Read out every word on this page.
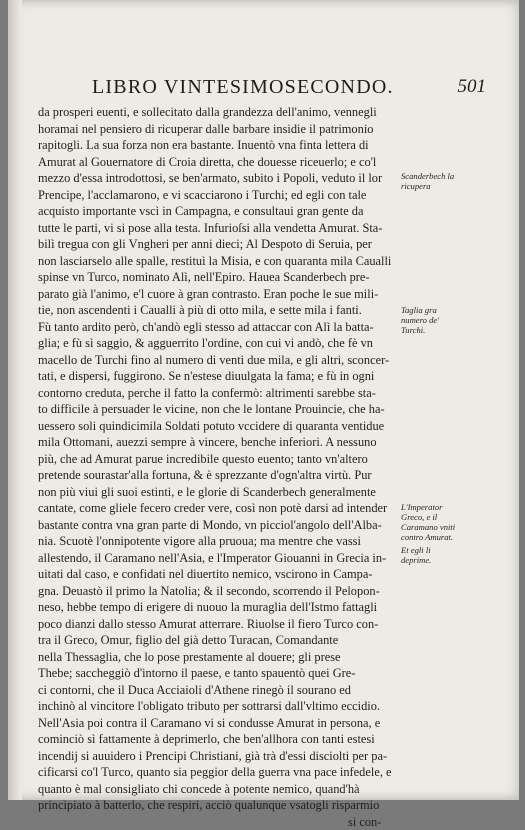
LIBRO VINTESIMOSECONDO.	501
da prosperi euenti, e sollecitato dalla grandezza dell'animo, vennegli
horamai nel pensiero di ricuperar dalle barbare insidie il patrimonio
rapitogli. La sua forza non era bastante. Inuentò vna finta lettera di
Amurat al Gouernatore di Croia diretta, che douesse riceuerlo; e co'l
mezzo d'essa introdottosi, se ben'armato, subito i Popoli, veduto il lor
Prencipe, l'acclamarono, e vi scacciarono i Turchi; ed egli con tale
acquisto importante vscì in Campagna, e consultaui gran gente da
tutte le parti, vi si pose alla testa. Infurioſsi alla vendetta Amurat. Sta-
bilì tregua con gli Vngheri per anni dieci; Al Despoto di Seruia, per
non lasciarselo alle spalle, restituì la Misia, e con quaranta mila Caualli
spinse vn Turco, nominato Alì, nell'Epiro. Hauea Scanderbech pre-
parato già l'animo, e'l cuore à gran contrasto. Eran poche le sue mili-
tie, non ascendenti i Caualli à più di otto mila, e sette mila i fanti.
Fù tanto ardito però, ch'andò egli stesso ad attaccar con Alì la batta-
glia; e fù sì saggio, & agguerrito l'ordine, con cui vi andò, che fè vn
macello de Turchi fino al numero di venti due mila, e gli altri, sconcer-
tati, e dispersi, fuggirono. Se n'estese diuulgata la fama; e fù in ogni
contorno creduta, perche il fatto la confermò: altrimenti sarebbe sta-
to difficile à persuader le vicine, non che le lontane Prouincie, che ha-
uessero soli quindicimila Soldati potuto vccidere di quaranta ventidue
mila Ottomani, auezzi sempre à vincere, benche inferiori. A nessuno
più, che ad Amurat parue incredibile questo euento; tanto vn'altero
pretende sourastar'alla fortuna, & è sprezzante d'ogn'altra virtù. Pur
non più viui gli suoi estinti, e le glorie di Scanderbech generalmente
cantate, come gliele fecero creder vere, così non potè darsi ad intender
bastante contra vna gran parte di Mondo, vn picciol'angolo dell'Alba-
nia. Scuotè l'onnipotente vigore alla pruoua; ma mentre che vassi
allestendo, il Caramano nell'Asia, e l'Imperator Giouanni in Grecia in-
uitati dal caso, e confidati nel diuertito nemico, vscirono in Campa-
gna. Deuastò il primo la Natolia; & il secondo, scorrendo il Pelopon-
neso, hebbe tempo di erigere di nuouo la muraglia dell'Istmo fattagli
poco dianzi dallo stesso Amurat atterrare. Riuolse il fiero Turco con-
tra il Greco, Omur, figlio del già detto Turacan, Comandante
nella Thessaglia, che lo pose prestamente al douere; gli prese
Thebe; saccheggiò d'intorno il paese, e tanto spauentò quei Gre-
ci contorni, che il Duca Acciaioli d'Athene rinegò il sourano ed
inchinò al vincitore l'obligato tributo per sottrarsi dall'vltimo eccidio.
Nell'Asia poi contra il Caramano vi si condusse Amurat in persona, e
cominciò sì fattamente à deprimerlo, che ben'allhora con tanti estesi
incendij si auuidero i Prencipi Christiani, già trà d'essi disciolti per pa-
cificarsi co'l Turco, quanto sia peggior della guerra vna pace infedele, e
quanto è mal consigliato chi concede à potente nemico, quand'hà
principiato à batterlo, che respiri, acciò qualunque vsatogli risparmio
si con-
Scanderbech la ricupera
Taglia gra numero de' Turchi.
L'Imperator Greco, e il Caramano vniti contro Amurat.
Et egli li deprime.
